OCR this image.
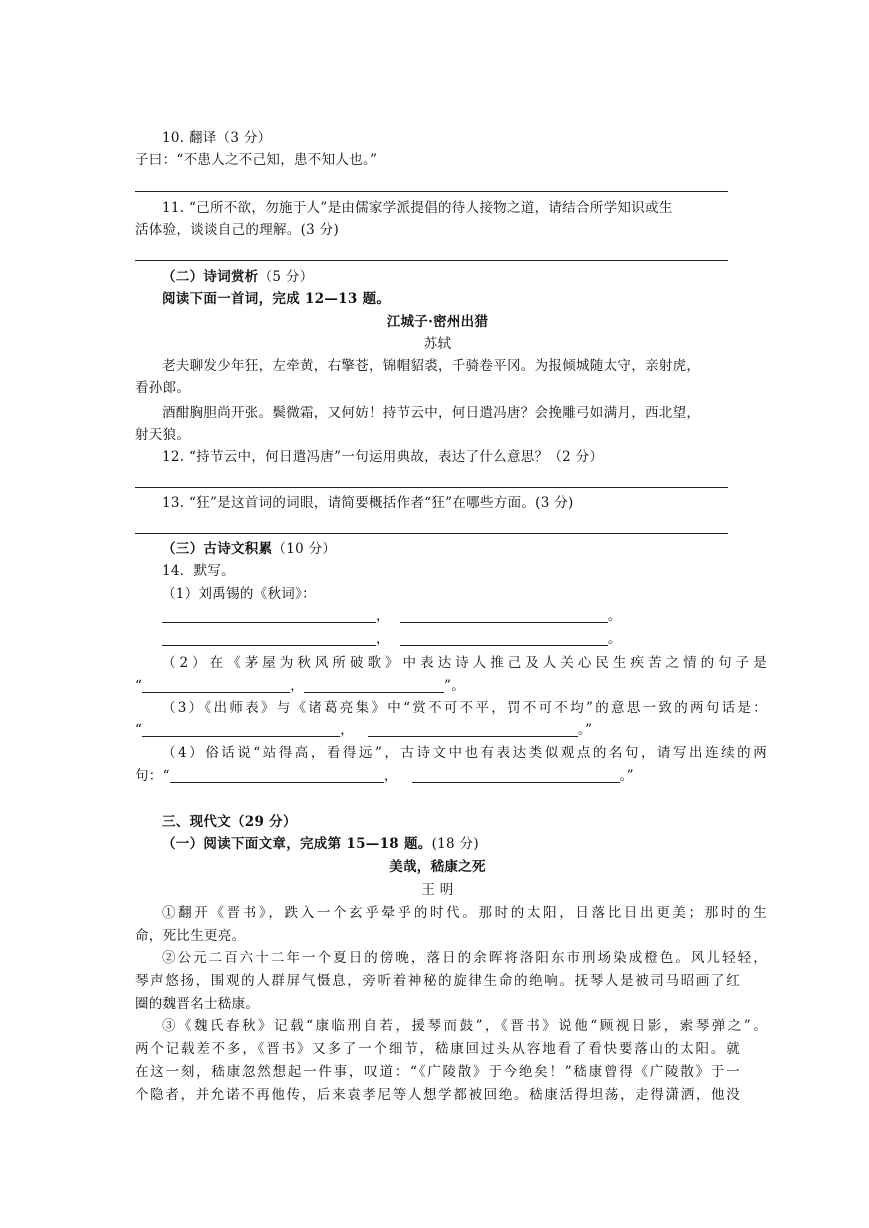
10. 翻译（3 分）
子曰：“不患人之不己知，患不知人也。”
11. “己所不欲，勿施于人”是由儒家学派提倡的待人接物之道，请结合所学知识或生
活体验，谈谈自己的理解。(3 分)
（二）诗词赏析（5 分）
阅读下面一首词，完成 12—13 题。
江城子·密州出猎
苏轼
老夫聊发少年狂，左牵黄，右擎苍，锦帽貂裘，千骑卷平冈。为报倾城随太守，亲射虎，
看孙郎。
酒酣胸胆尚开张。鬓微霜，又何妨！持节云中，何日遣冯唐？会挽雕弓如满月，西北望，
射天狼。
12. “持节云中，何日遣冯唐”一句运用典故，表达了什么意思？（2 分）
13. “狂”是这首词的词眼，请简要概括作者“狂”在哪些方面。(3 分)
（三）古诗文积累（10 分）
14．默写。
（1）刘禹锡的《秋词》：
，	。
，	。
（2）在《茅屋为秋风所破歌》中表达诗人推己及人关心民生疾苦之情的句子是
“	，	”。
（3）《出师表》与《诸葛亮集》中“赏不可不平，罚不可不均”的意思一致的两句话是：
“	，	。”
（4）俗话说“站得高，看得远”，古诗文中也有表达类似观点的名句，请写出连续的两
句：“	，	。”
三、现代文（29 分）
（一）阅读下面文章，完成第 15—18 题。(18 分)
美哉，嵇康之死
王 明
①翻开《晋书》，跌入一个玄乎晕乎的时代。那时的太阳，日落比日出更美；那时的生
命，死比生更亮。
②公元二百六十二年一个夏日的傍晚，落日的余晖将洛阳东市刑场染成橙色。风儿轻轻，
琴声悠扬，围观的人群屏气慑息，旁听着神秘的旋律生命的绝响。抚琴人是被司马昭画了红
圈的魏晋名士嵇康。
③《魏氏春秋》记载“康临刑自若，援琴而鼓”，《晋书》说他“顾视日影，索琴弹之”。
两个记载差不多，《晋书》又多了一个细节，嵇康回过头从容地看了看快要落山的太阳。就
在这一刻，嵇康忽然想起一件事，叹道：“《广陵散》于今绝矣！”嵇康曾得《广陵散》于一
个隐者，并允诺不再他传，后来袁孝尼等人想学都被回绝。嵇康活得坦荡，走得潇洒，他没
